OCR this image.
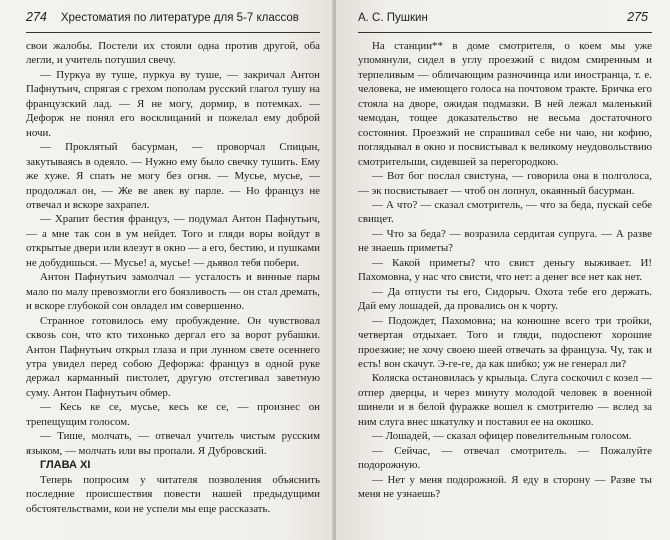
274 Хрестоматия по литературе для 5-7 классов

свои жалобы. Постели их стояли одна против другой, оба легли, и учитель потушил свечу.

— Пуркуа ву туше, пуркуа ву туше, — закричал Антон Пафнутьич, спрягая с грехом пополам русский глагол тушу на французский лад. — Я не могу, дормир, в потемках. — Дефорж не понял его восклицаний и пожелал ему доброй ночи.

— Проклятый басурман, — проворчал Спицын, закутываясь в одеяло. — Нужно ему было свечку тушить. Ему же хуже. Я спать не могу без огня. — Мусье, мусье, — продолжал он, — Же ве авек ву парле. — Но француз не отвечал и вскоре захрапел.

— Храпит бестия француз, — подумал Антон Пафнутьич, — а мне так сон в ум нейдет. Того и гляди воры войдут в открытые двери или влезут в окно — а его, бестию, и пушками не добудишься. — Мусье! а, мусье! — дьявол тебя побери.

Антон Пафнутьич замолчал — усталость и винные пары мало по малу превозмогли его боязливость — он стал дремать, и вскоре глубокой сон овладел им совершенно.

Странное готовилось ему пробуждение. Он чувствовал сквозь сон, что кто тихонько дергал его за ворот рубашки. Антон Пафнутьич открыл глаза и при лунном свете осеннего утра увидел перед собою Дефоржа: француз в одной руке держал карманный пистолет, другую отстегивал заветную суму. Антон Пафнутьич обмер.

— Кесь ке се, мусье, кесь ке се, — произнес он трепещущим голосом.

— Тише, молчать, — отвечал учитель чистым русским языком, — молчать или вы пропали. Я Дубровский.

ГЛАВА XI

Теперь попросим у читателя позволения объяснить последние происшествия повести нашей предыдущими обстоятельствами, кои не успели мы еще рассказать.

А. С. Пушкин	275

На станции** в доме смотрителя, о коем мы уже упомянули, сидел в углу проезжий с видом смиренным и терпеливым — обличающим разночинца или иностранца, т. е. человека, не имеющего голоса на почтовом тракте. Бричка его стояла на дворе, ожидая подмазки. В ней лежал маленький чемодан, тощее доказательство не весьма достаточного состояния. Проезжий не спрашивал себе ни чаю, ни кофию, поглядывал в окно и посвистывал к великому неудовольствию смотрительши, сидевшей за перегородкою.

— Вот бог послал свистуна, — говорила она в полголоса, — эк посвистывает — чтоб он лопнул, окаянный басурман.

— А что? — сказал смотритель, — что за беда, пускай себе свищет.

— Что за беда? — возразила сердитая супруга. — А разве не знаешь приметы?

— Какой приметы? что свист деньгу выживает. И! Пахомовна, у нас что свисти, что нет: а денег все нет как нет.

— Да отпусти ты его, Сидорыч. Охота тебе его держать. Дай ему лошадей, да провались он к чорту.

— Подождет, Пахомовна; на конюшне всего три тройки, четвертая отдыхает. Того и гляди, подоспеют хорошие проезжие; не хочу своею шеей отвечать за француза. Чу, так и есть! вон скачут. Э-ге-ге, да как шибко; уж не генерал ли?

Коляска остановилась у крыльца. Слуга соскочил с козел — отпер дверцы, и через минуту молодой человек в военной шинели и в белой фуражке вошел к смотрителю — вслед за ним слуга внес шкатулку и поставил ее на окошко.

— Лошадей, — сказал офицер повелительным голосом.

— Сейчас, — отвечал смотритель. — Пожалуйте подорожную.

— Нет у меня подорожной. Я еду в сторону — Разве ты меня не узнаешь?
